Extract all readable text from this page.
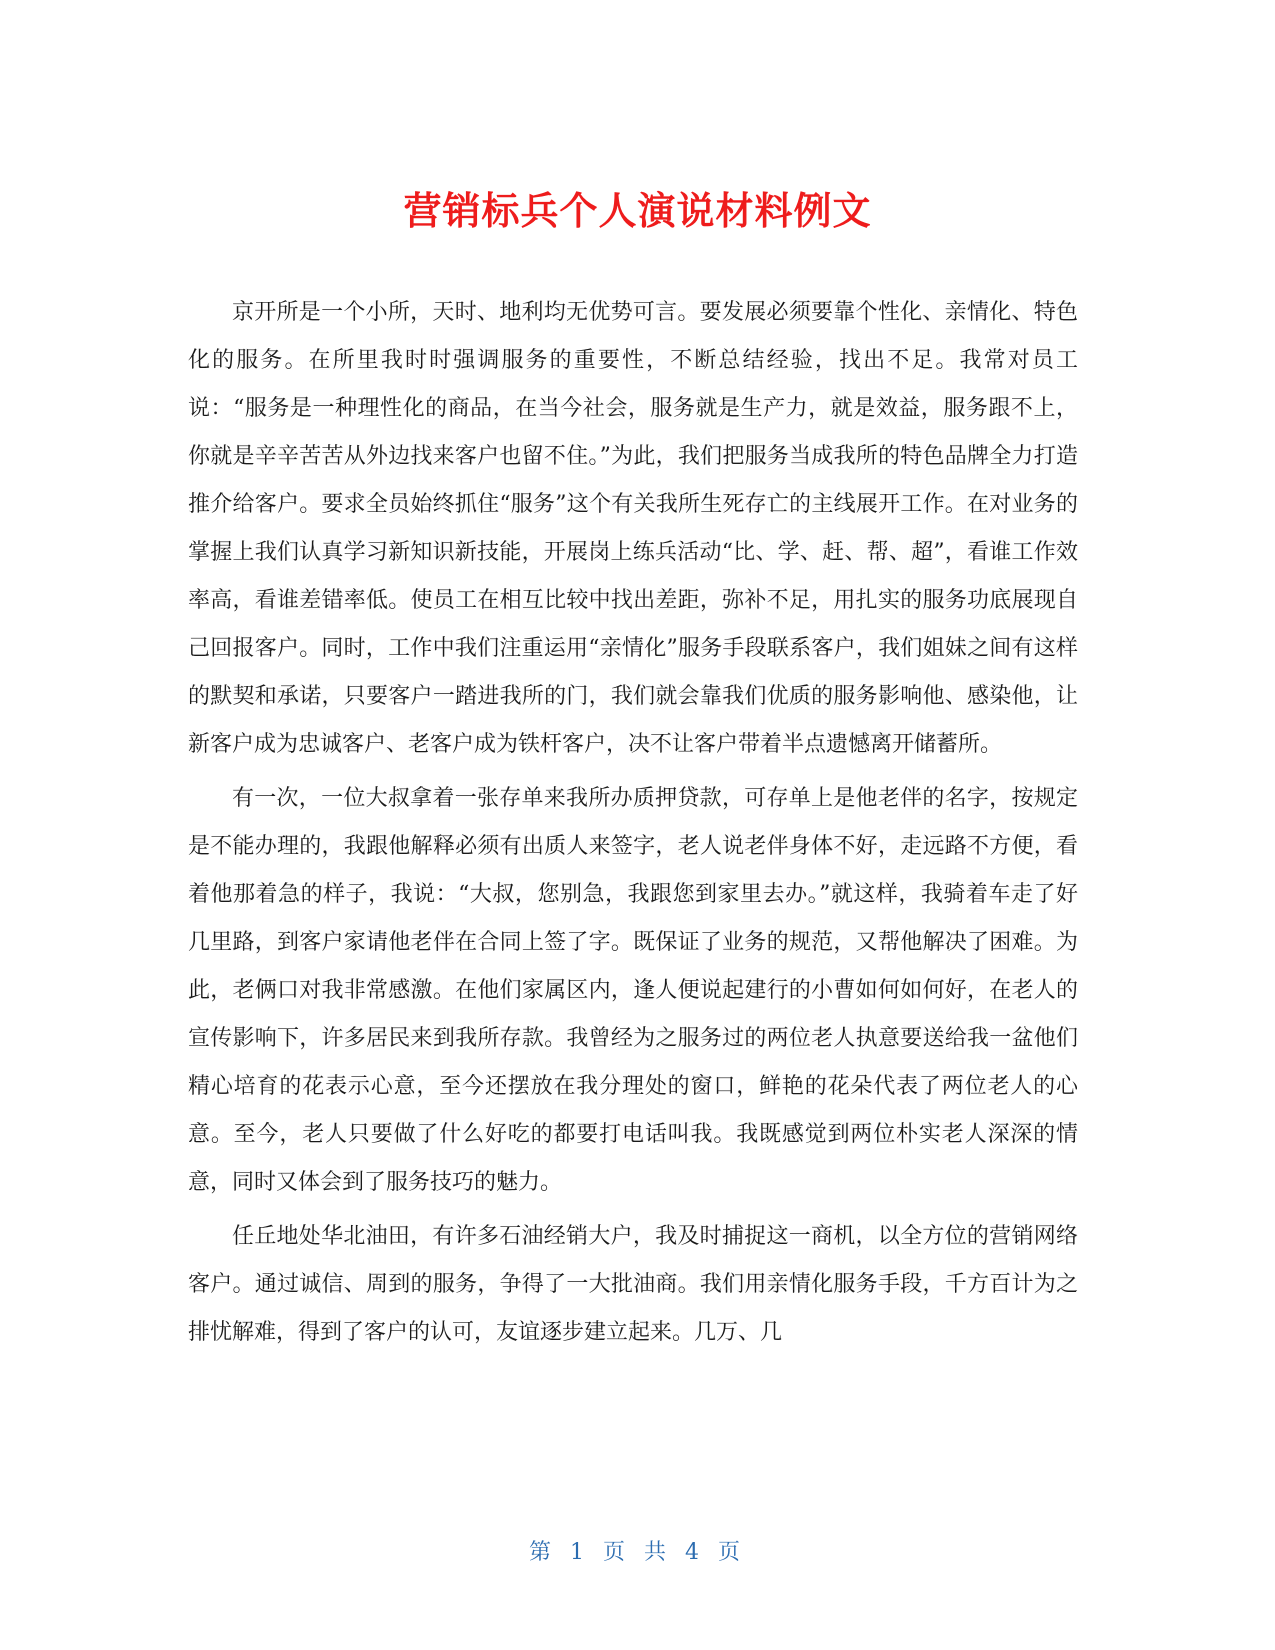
营销标兵个人演说材料例文

京开所是一个小所，天时、地利均无优势可言。要发展必须要靠个性化、亲情化、特色化的服务。在所里我时时强调服务的重要性，不断总结经验，找出不足。我常对员工说：“服务是一种理性化的商品，在当今社会，服务就是生产力，就是效益，服务跟不上，你就是辛辛苦苦从外边找来客户也留不住。”为此，我们把服务当成我所的特色品牌全力打造推介给客户。要求全员始终抓住“服务”这个有关我所生死存亡的主线展开工作。在对业务的掌握上我们认真学习新知识新技能，开展岗上练兵活动“比、学、赶、帮、超”，看谁工作效率高，看谁差错率低。使员工在相互比较中找出差距，弥补不足，用扎实的服务功底展现自己回报客户。同时，工作中我们注重运用“亲情化”服务手段联系客户，我们姐妹之间有这样的默契和承诺，只要客户一踏进我所的门，我们就会靠我们优质的服务影响他、感染他，让新客户成为忠诚客户、老客户成为铁杆客户，决不让客户带着半点遗憾离开储蓄所。

有一次，一位大叔拿着一张存单来我所办质押贷款，可存单上是他老伴的名字，按规定是不能办理的，我跟他解释必须有出质人来签字，老人说老伴身体不好，走远路不方便，看着他那着急的样子，我说：“大叔，您别急，我跟您到家里去办。”就这样，我骑着车走了好几里路，到客户家请他老伴在合同上签了字。既保证了业务的规范，又帮他解决了困难。为此，老俩口对我非常感激。在他们家属区内，逢人便说起建行的小曹如何如何好，在老人的宣传影响下，许多居民来到我所存款。我曾经为之服务过的两位老人执意要送给我一盆他们精心培育的花表示心意，至今还摆放在我分理处的窗口，鲜艳的花朵代表了两位老人的心意。至今，老人只要做了什么好吃的都要打电话叫我。我既感觉到两位朴实老人深深的情意，同时又体会到了服务技巧的魅力。

任丘地处华北油田，有许多石油经销大户，我及时捕捉这一商机，以全方位的营销网络客户。通过诚信、周到的服务，争得了一大批油商。我们用亲情化服务手段，千方百计为之排忧解难，得到了客户的认可，友谊逐步建立起来。几万、几

第 1 页 共 4 页
